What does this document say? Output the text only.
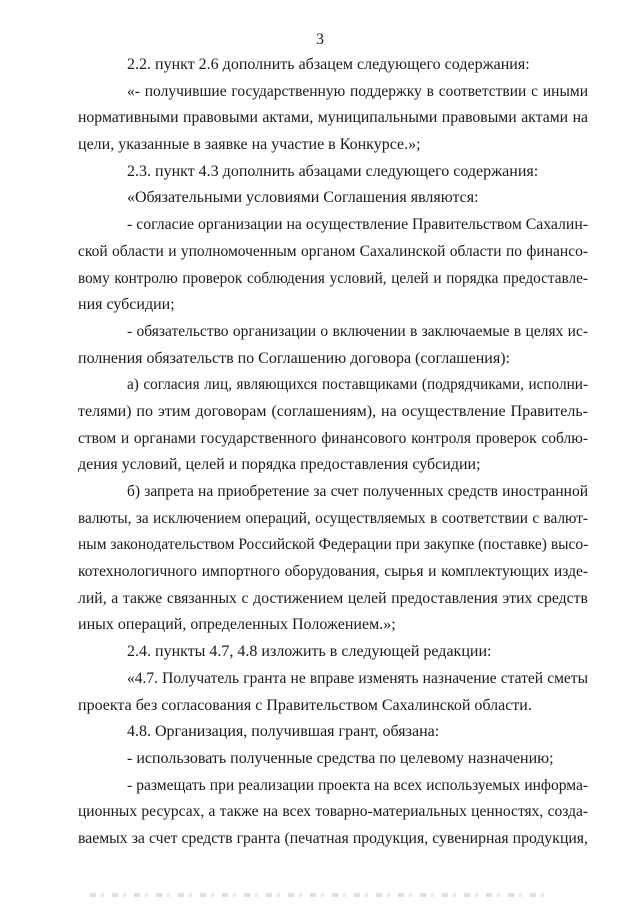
3
2.2. пункт 2.6 дополнить абзацем следующего содержания:
«- получившие государственную поддержку в соответствии с иными
нормативными правовыми актами, муниципальными правовыми актами на
цели, указанные в заявке на участие в Конкурсе.»;
2.3. пункт 4.3 дополнить абзацами следующего содержания:
«Обязательными условиями Соглашения являются:
- согласие организации на осуществление Правительством Сахалин-
ской области и уполномоченным органом Сахалинской области по финансо-
вому контролю проверок соблюдения условий, целей и порядка предоставле-
ния субсидии;
- обязательство организации о включении в заключаемые в целях ис-
полнения обязательств по Соглашению договора (соглашения):
а) согласия лиц, являющихся поставщиками (подрядчиками, исполни-
телями) по этим договорам (соглашениям), на осуществление Правитель-
ством и органами государственного финансового контроля проверок соблю-
дения условий, целей и порядка предоставления субсидии;
б) запрета на приобретение за счет полученных средств иностранной
валюты, за исключением операций, осуществляемых в соответствии с валют-
ным законодательством Российской Федерации при закупке (поставке) высо-
котехнологичного импортного оборудования, сырья и комплектующих изде-
лий, а также связанных с достижением целей предоставления этих средств
иных операций, определенных Положением.»;
2.4. пункты 4.7, 4.8 изложить в следующей редакции:
«4.7. Получатель гранта не вправе изменять назначение статей сметы
проекта без согласования с Правительством Сахалинской области.
4.8. Организация, получившая грант, обязана:
- использовать полученные средства по целевому назначению;
- размещать при реализации проекта на всех используемых информа-
ционных ресурсах, а также на всех товарно-материальных ценностях, созда-
ваемых за счет средств гранта (печатная продукция, сувенирная продукция,
